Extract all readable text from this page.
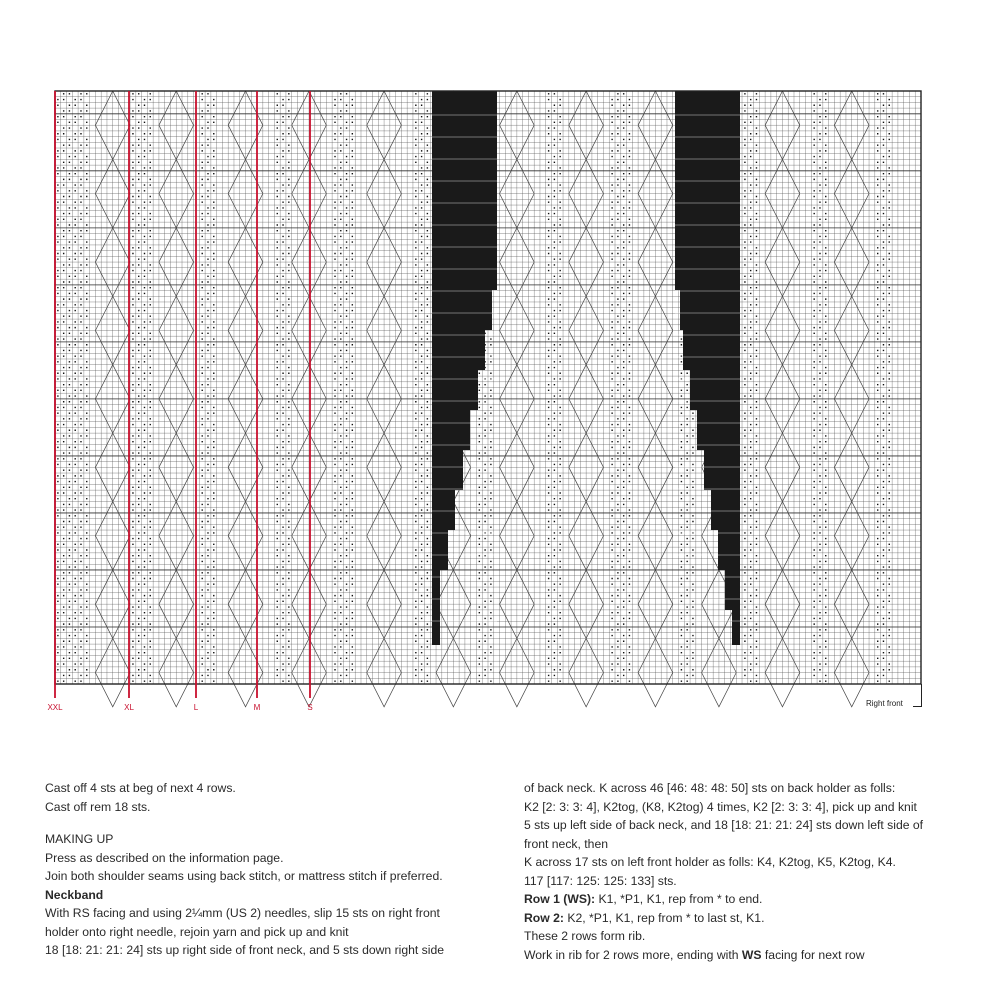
XXL	XL	L	M	S	Right front

Cast off 4 sts at beg of next 4 rows.

Cast off rem 18 sts.

MAKING UP

Press as described on the information page.

Join both shoulder seams using back stitch, or mattress stitch if preferred.

Neckband

With RS facing and using 2¼mm (US 2) needles, slip 15 sts on right front

holder onto right needle, rejoin yarn and pick up and knit

18 [18: 21: 21: 24] sts up right side of front neck, and 5 sts down right side

of back neck. K across 46 [46: 48: 48: 50] sts on back holder as folls:

K2 [2: 3: 3: 4], K2tog, (K8, K2tog) 4 times, K2 [2: 3: 3: 4], pick up and knit

5 sts up left side of back neck, and 18 [18: 21: 21: 24] sts down left side of

front neck, then

K across 17 sts on left front holder as folls: K4, K2tog, K5, K2tog, K4.

117 [117: 125: 125: 133] sts.

Row 1 (WS): K1, *P1, K1, rep from * to end.

Row 2: K2, *P1, K1, rep from * to last st, K1.

These 2 rows form rib.

Work in rib for 2 rows more, ending with WS facing for next row
